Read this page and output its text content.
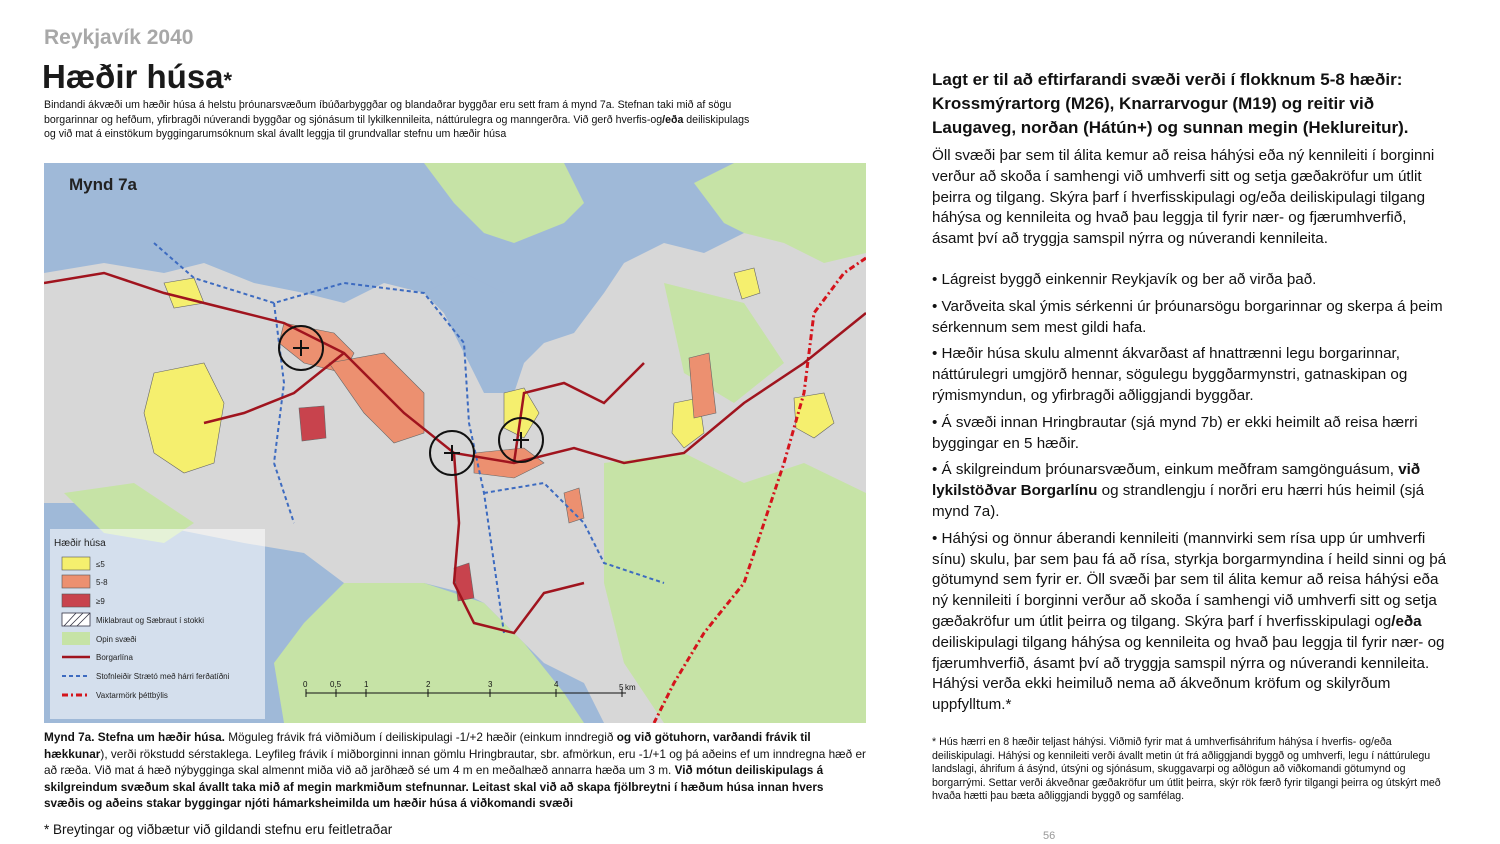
Reykjavík 2040
Hæðir húsa*
Bindandi ákvæði um hæðir húsa á helstu þróunarsvæðum íbúðarbyggðar og blandaðrar byggðar eru sett fram á mynd 7a. Stefnan taki mið af sögu borgarinnar og hefðum, yfirbragði núverandi byggðar og sjónásum til lykilkennileita, náttúrulegra og manngerðra. Við gerð hverfis-og/eða deiliskipulags og við mat á einstökum byggingarumsóknum skal ávallt leggja til grundvallar stefnu um hæðir húsa
Mynd 7a
Hæðir húsa
≤5
5-8
≥9
Miklabraut og Sæbraut í stokki
Opin svæði
Borgarlína
Stofnleiðir Strætó með hárri ferðatíðni
Vaxtarmörk þéttbýlis
0	0,5	1	2	3	4	5 km
Mynd 7a. Stefna um hæðir húsa. Möguleg frávik frá viðmiðum í deiliskipulagi -1/+2 hæðir (einkum inndregið og við götuhorn, varðandi frávik til hækkunar), verði rökstudd sérstaklega. Leyfileg frávik í miðborginni innan gömlu Hringbrautar, sbr. afmörkun, eru -1/+1 og þá aðeins ef um inndregna hæð er að ræða. Við mat á hæð nýbygginga skal almennt miða við að jarðhæð sé um 4 m en meðalhæð annarra hæða um 3 m. Við mótun deiliskipulags á skilgreindum svæðum skal ávallt taka mið af megin markmiðum stefnunnar. Leitast skal við að skapa fjölbreytni í hæðum húsa innan hvers svæðis og aðeins stakar byggingar njóti hámarksheimilda um hæðir húsa á viðkomandi svæði
* Breytingar og viðbætur við gildandi stefnu eru feitletraðar
Lagt er til að eftirfarandi svæði verði í flokknum 5-8 hæðir: Krossmýrartorg (M26), Knarrarvogur (M19) og reitir við Laugaveg, norðan (Hátún+) og sunnan megin (Heklureitur).

Öll svæði þar sem til álita kemur að reisa háhýsi eða ný kennileiti í borginni verður að skoða í samhengi við umhverfi sitt og setja gæðakröfur um útlit þeirra og tilgang. Skýra þarf í hverfisskipulagi og/eða deiliskipulagi tilgang háhýsa og kennileita og hvað þau leggja til fyrir nær- og fjærumhverfið, ásamt því að tryggja samspil nýrra og núverandi kennileita.

• Lágreist byggð einkennir Reykjavík og ber að virða það.

• Varðveita skal ýmis sérkenni úr þróunarsögu borgarinnar og skerpa á þeim sérkennum sem mest gildi hafa.

• Hæðir húsa skulu almennt ákvarðast af hnattrænni legu borgarinnar, náttúrulegri umgjörð hennar, sögulegu byggðarmynstri, gatnaskipan og rýmismyndun, og yfirbragði aðliggjandi byggðar.

• Á svæði innan Hringbrautar (sjá mynd 7b) er ekki heimilt að reisa hærri byggingar en 5 hæðir.

• Á skilgreindum þróunarsvæðum, einkum meðfram samgönguásum, við lykilstöðvar Borgarlínu og strandlengju í norðri eru hærri hús heimil (sjá mynd 7a).

• Háhýsi og önnur áberandi kennileiti (mannvirki sem rísa upp úr umhverfi sínu) skulu, þar sem þau fá að rísa, styrkja borgarmyndina í heild sinni og þá götumynd sem fyrir er. Öll svæði þar sem til álita kemur að reisa háhýsi eða ný kennileiti í borginni verður að skoða í samhengi við umhverfi sitt og setja gæðakröfur um útlit þeirra og tilgang. Skýra þarf í hverfisskipulagi og/eða deiliskipulagi tilgang háhýsa og kennileita og hvað þau leggja til fyrir nær- og fjærumhverfið, ásamt því að tryggja samspil nýrra og núverandi kennileita. Háhýsi verða ekki heimiluð nema að ákveðnum kröfum og skilyrðum uppfylltum.*

* Hús hærri en 8 hæðir teljast háhýsi. Viðmið fyrir mat á umhverfisáhrifum háhýsa í hverfis- og/eða deiliskipulagi. Háhýsi og kennileiti verði ávallt metin út frá aðliggjandi byggð og umhverfi, legu í náttúrulegu landslagi, áhrifum á ásýnd, útsýni og sjónásum, skuggavarpi og aðlögun að viðkomandi götumynd og borgarrými. Settar verði ákveðnar gæðakröfur um útlit þeirra, skýr rök færð fyrir tilgangi þeirra og útskýrt með hvaða hætti þau bæta aðliggjandi byggð og samfélag.
56
